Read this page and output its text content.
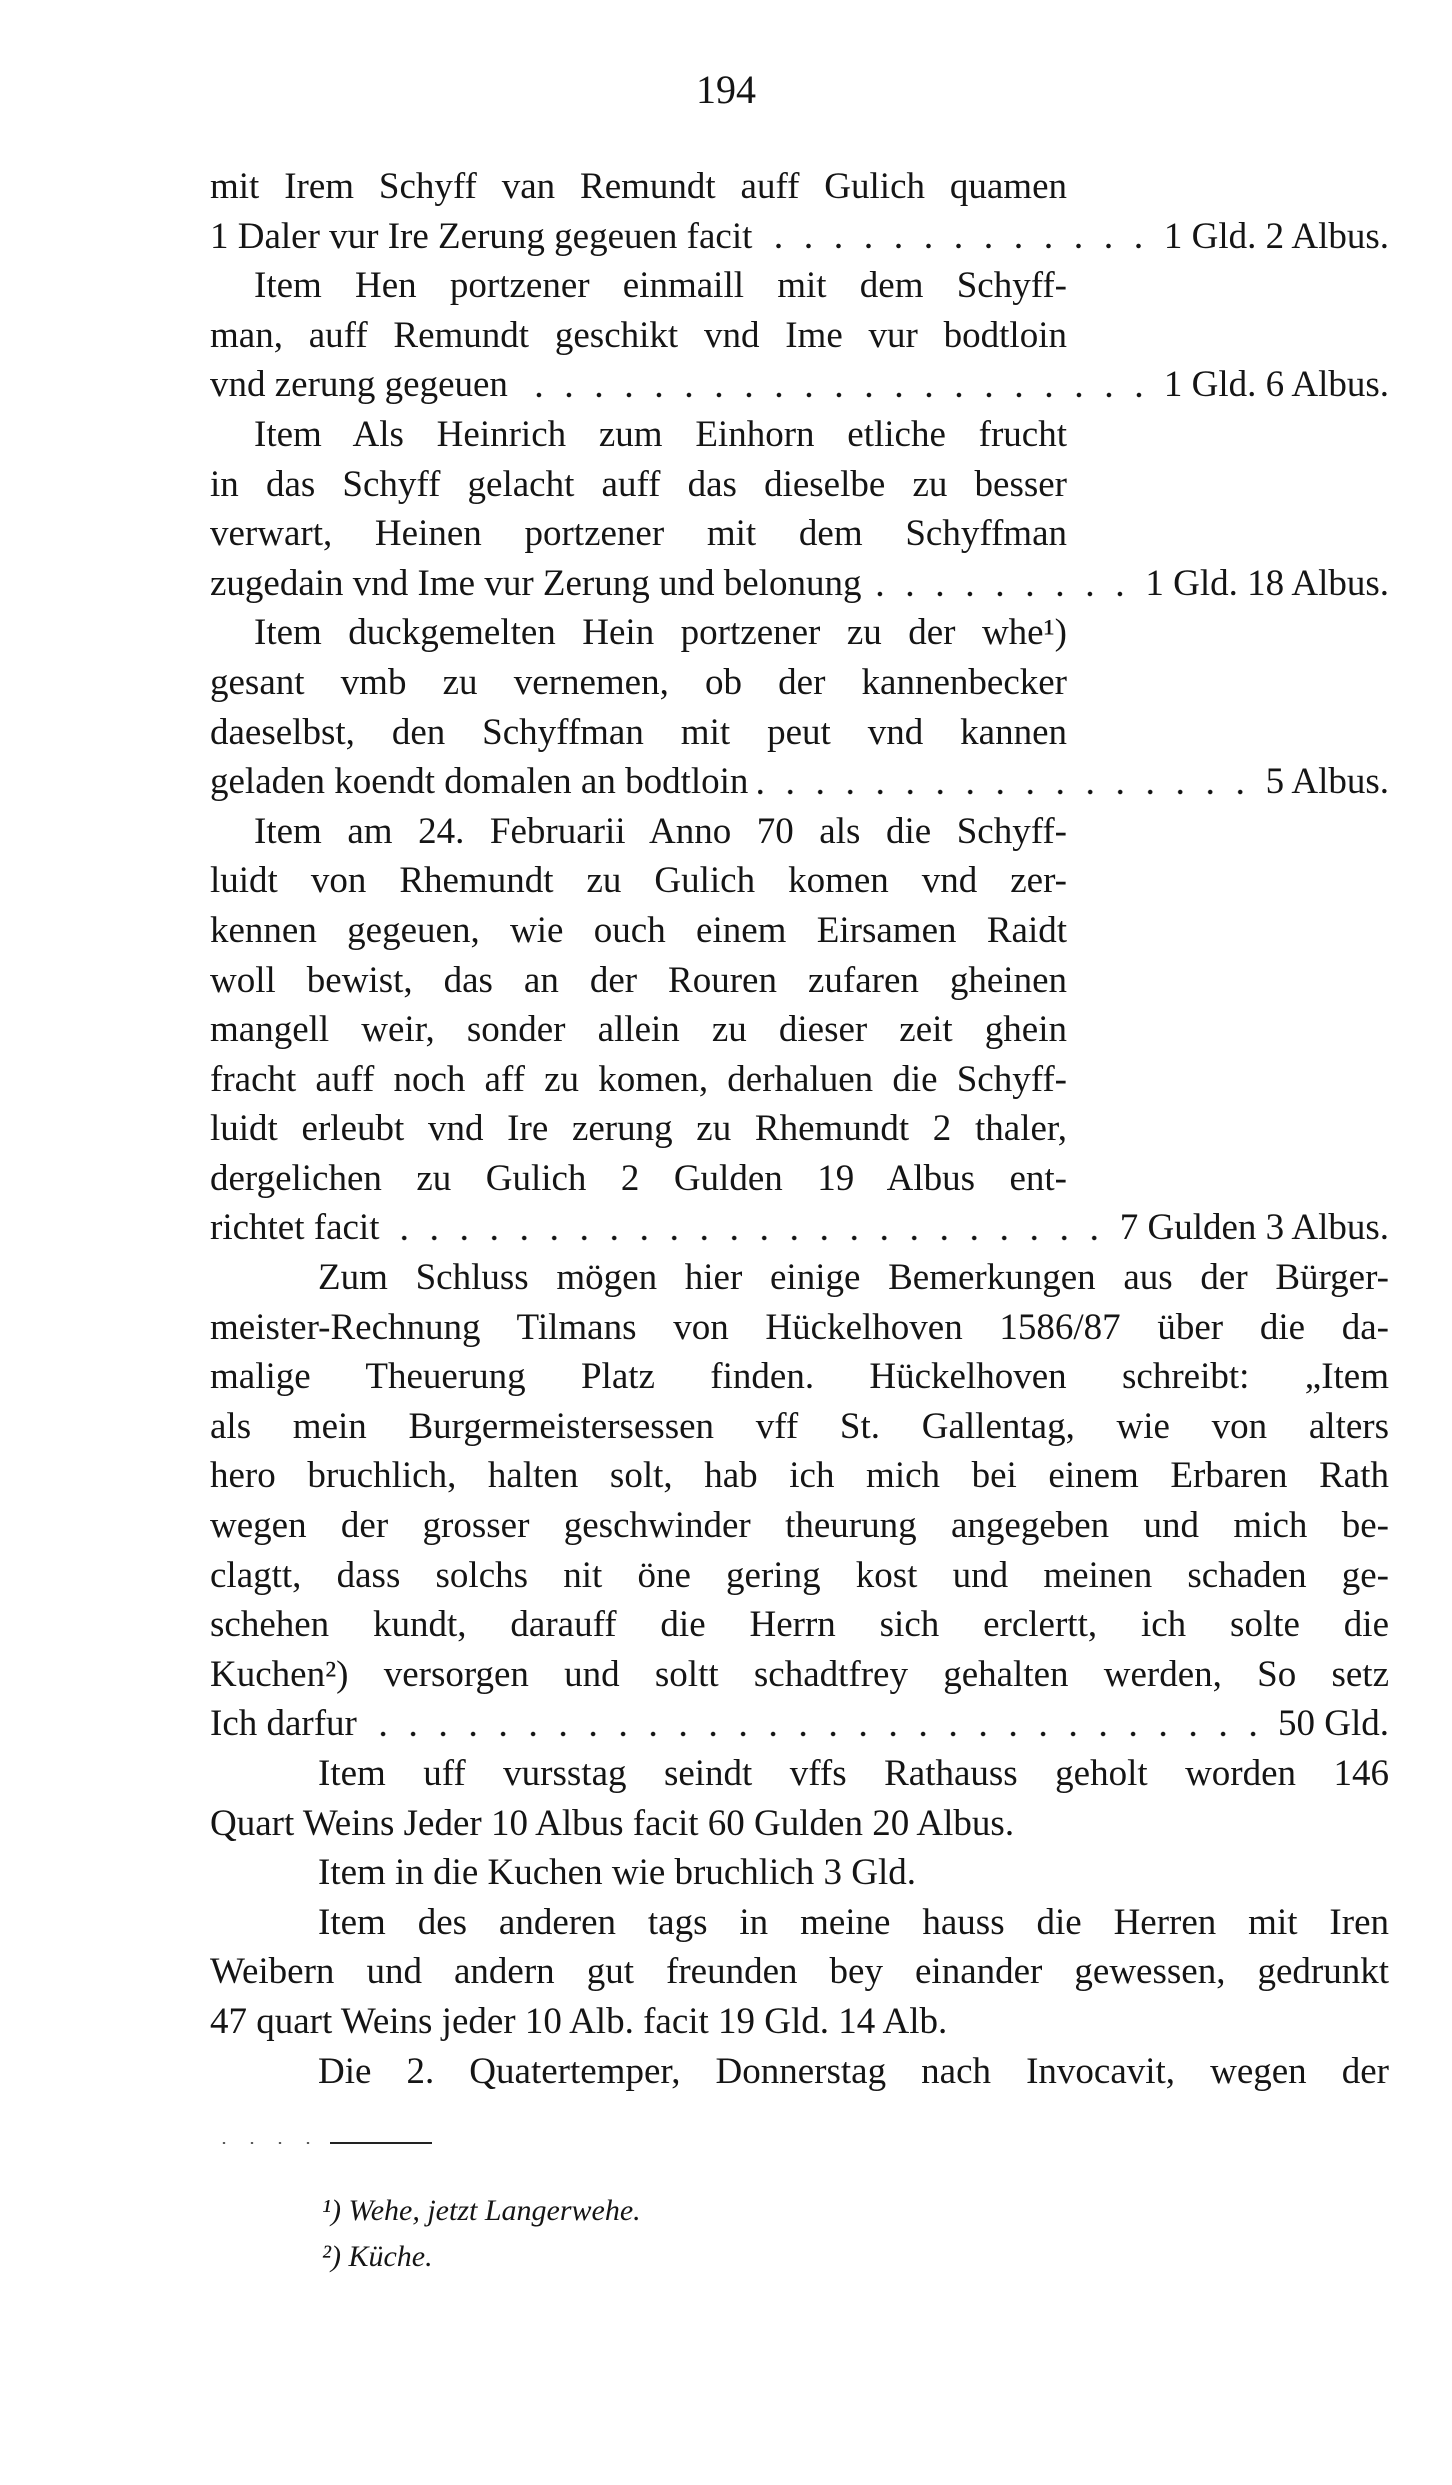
194
mit Irem Schyff van Remundt auff Gulich quamen
1 Daler vur Ire Zerung gegeuen facit	1 Gld. 2 Albus.
Item Hen portzener einmaill mit dem Schyff-
man, auff Remundt geschikt vnd Ime vur bodtloin
vnd zerung gegeuen	1 Gld. 6 Albus.
Item Als Heinrich zum Einhorn etliche frucht
in das Schyff gelacht auff das dieselbe zu besser
verwart, Heinen portzener mit dem Schyffman
zugedain vnd Ime vur Zerung und belonung	1 Gld. 18 Albus.
Item duckgemelten Hein portzener zu der whe¹)
gesant vmb zu vernemen, ob der kannenbecker
daeselbst, den Schyffman mit peut vnd kannen
geladen koendt domalen an bodtloin	5 Albus.
Item am 24. Februarii Anno 70 als die Schyff-
luidt von Rhemundt zu Gulich komen vnd zer-
kennen gegeuen, wie ouch einem Eirsamen Raidt
woll bewist, das an der Rouren zufaren gheinen
mangell weir, sonder allein zu dieser zeit ghein
fracht auff noch aff zu komen, derhaluen die Schyff-
luidt erleubt vnd Ire zerung zu Rhemundt 2 thaler,
dergelichen zu Gulich 2 Gulden 19 Albus ent-
richtet facit	7 Gulden 3 Albus.
Zum Schluss mögen hier einige Bemerkungen aus der Bürger-
meister-Rechnung Tilmans von Hückelhoven 1586/87 über die da-
malige Theuerung Platz finden. Hückelhoven schreibt: „Item
als mein Burgermeistersessen vff St. Gallentag, wie von alters
hero bruchlich, halten solt, hab ich mich bei einem Erbaren Rath
wegen der grosser geschwinder theurung angegeben und mich be-
clagtt, dass solchs nit öne gering kost und meinen schaden ge-
schehen kundt, darauff die Herrn sich erclertt, ich solte die
Kuchen²) versorgen und soltt schadtfrey gehalten werden, So setz
Ich darfur	50 Gld.
Item uff vursstag seindt vffs Rathauss geholt worden 146
Quart Weins Jeder 10 Albus facit 60 Gulden 20 Albus.
Item in die Kuchen wie bruchlich 3 Gld.
Item des anderen tags in meine hauss die Herren mit Iren
Weibern und andern gut freunden bey einander gewessen, gedrunkt
47 quart Weins jeder 10 Alb. facit 19 Gld. 14 Alb.
Die 2. Quatertemper, Donnerstag nach Invocavit, wegen der
¹) Wehe, jetzt Langerwehe.
²) Küche.
